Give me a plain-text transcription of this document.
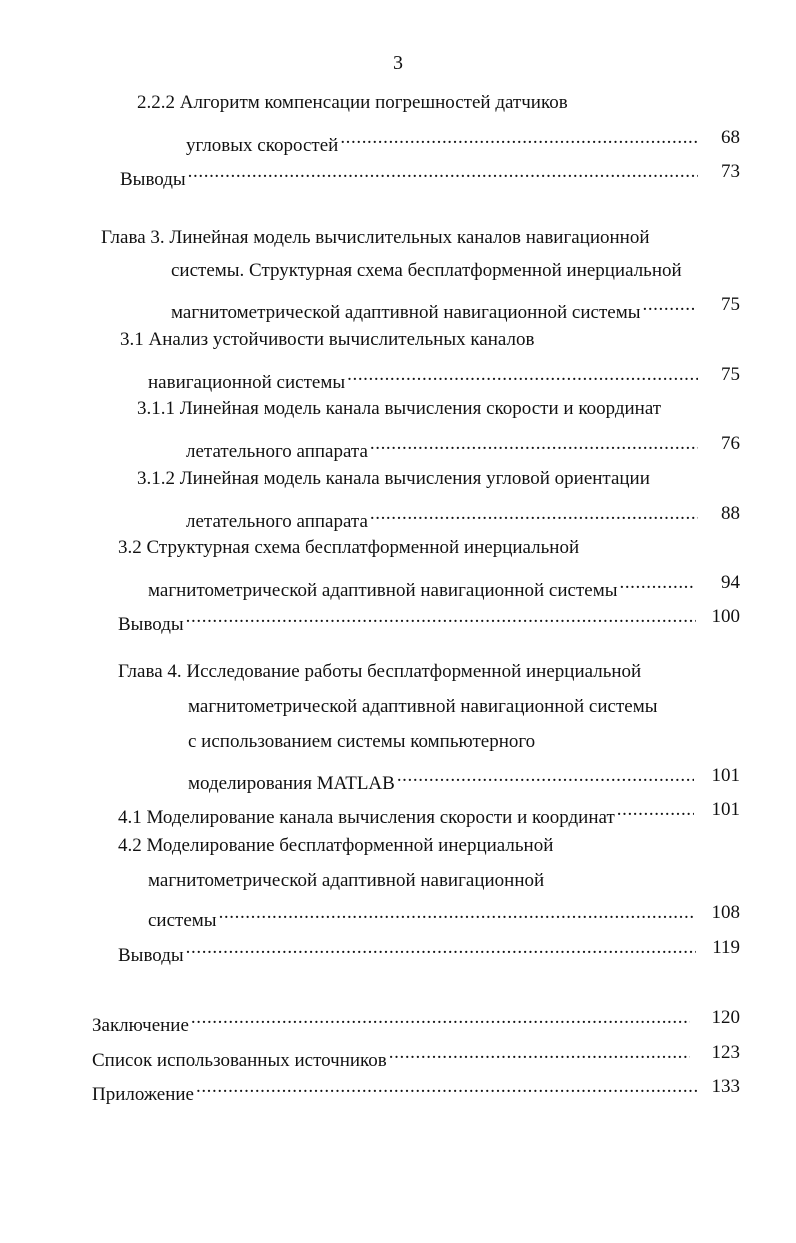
3
2.2.2 Алгоритм компенсации погрешностей датчиков
угловых скоростей .....	68
Выводы .....	73
Глава 3. Линейная модель вычислительных каналов навигационной
системы. Структурная схема бесплатформенной инерциальной
магнитометрической адаптивной навигационной системы .....	75
3.1 Анализ устойчивости вычислительных каналов
навигационной системы .....	75
3.1.1 Линейная модель канала вычисления скорости и координат
летательного аппарата .....	76
3.1.2 Линейная модель канала вычисления угловой ориентации
летательного аппарата .....	88
3.2 Структурная схема бесплатформенной инерциальной
магнитометрической адаптивной навигационной системы .....	94
Выводы .....	100
Глава 4. Исследование работы бесплатформенной инерциальной
магнитометрической адаптивной навигационной системы
с использованием системы компьютерного
моделирования MATLAB .....	101
4.1 Моделирование канала вычисления скорости и координат .....	101
4.2 Моделирование бесплатформенной инерциальной
магнитометрической адаптивной навигационной
системы .....	108
Выводы .....	119
Заключение .....	120
Список использованных источников .....	123
Приложение .....	133
